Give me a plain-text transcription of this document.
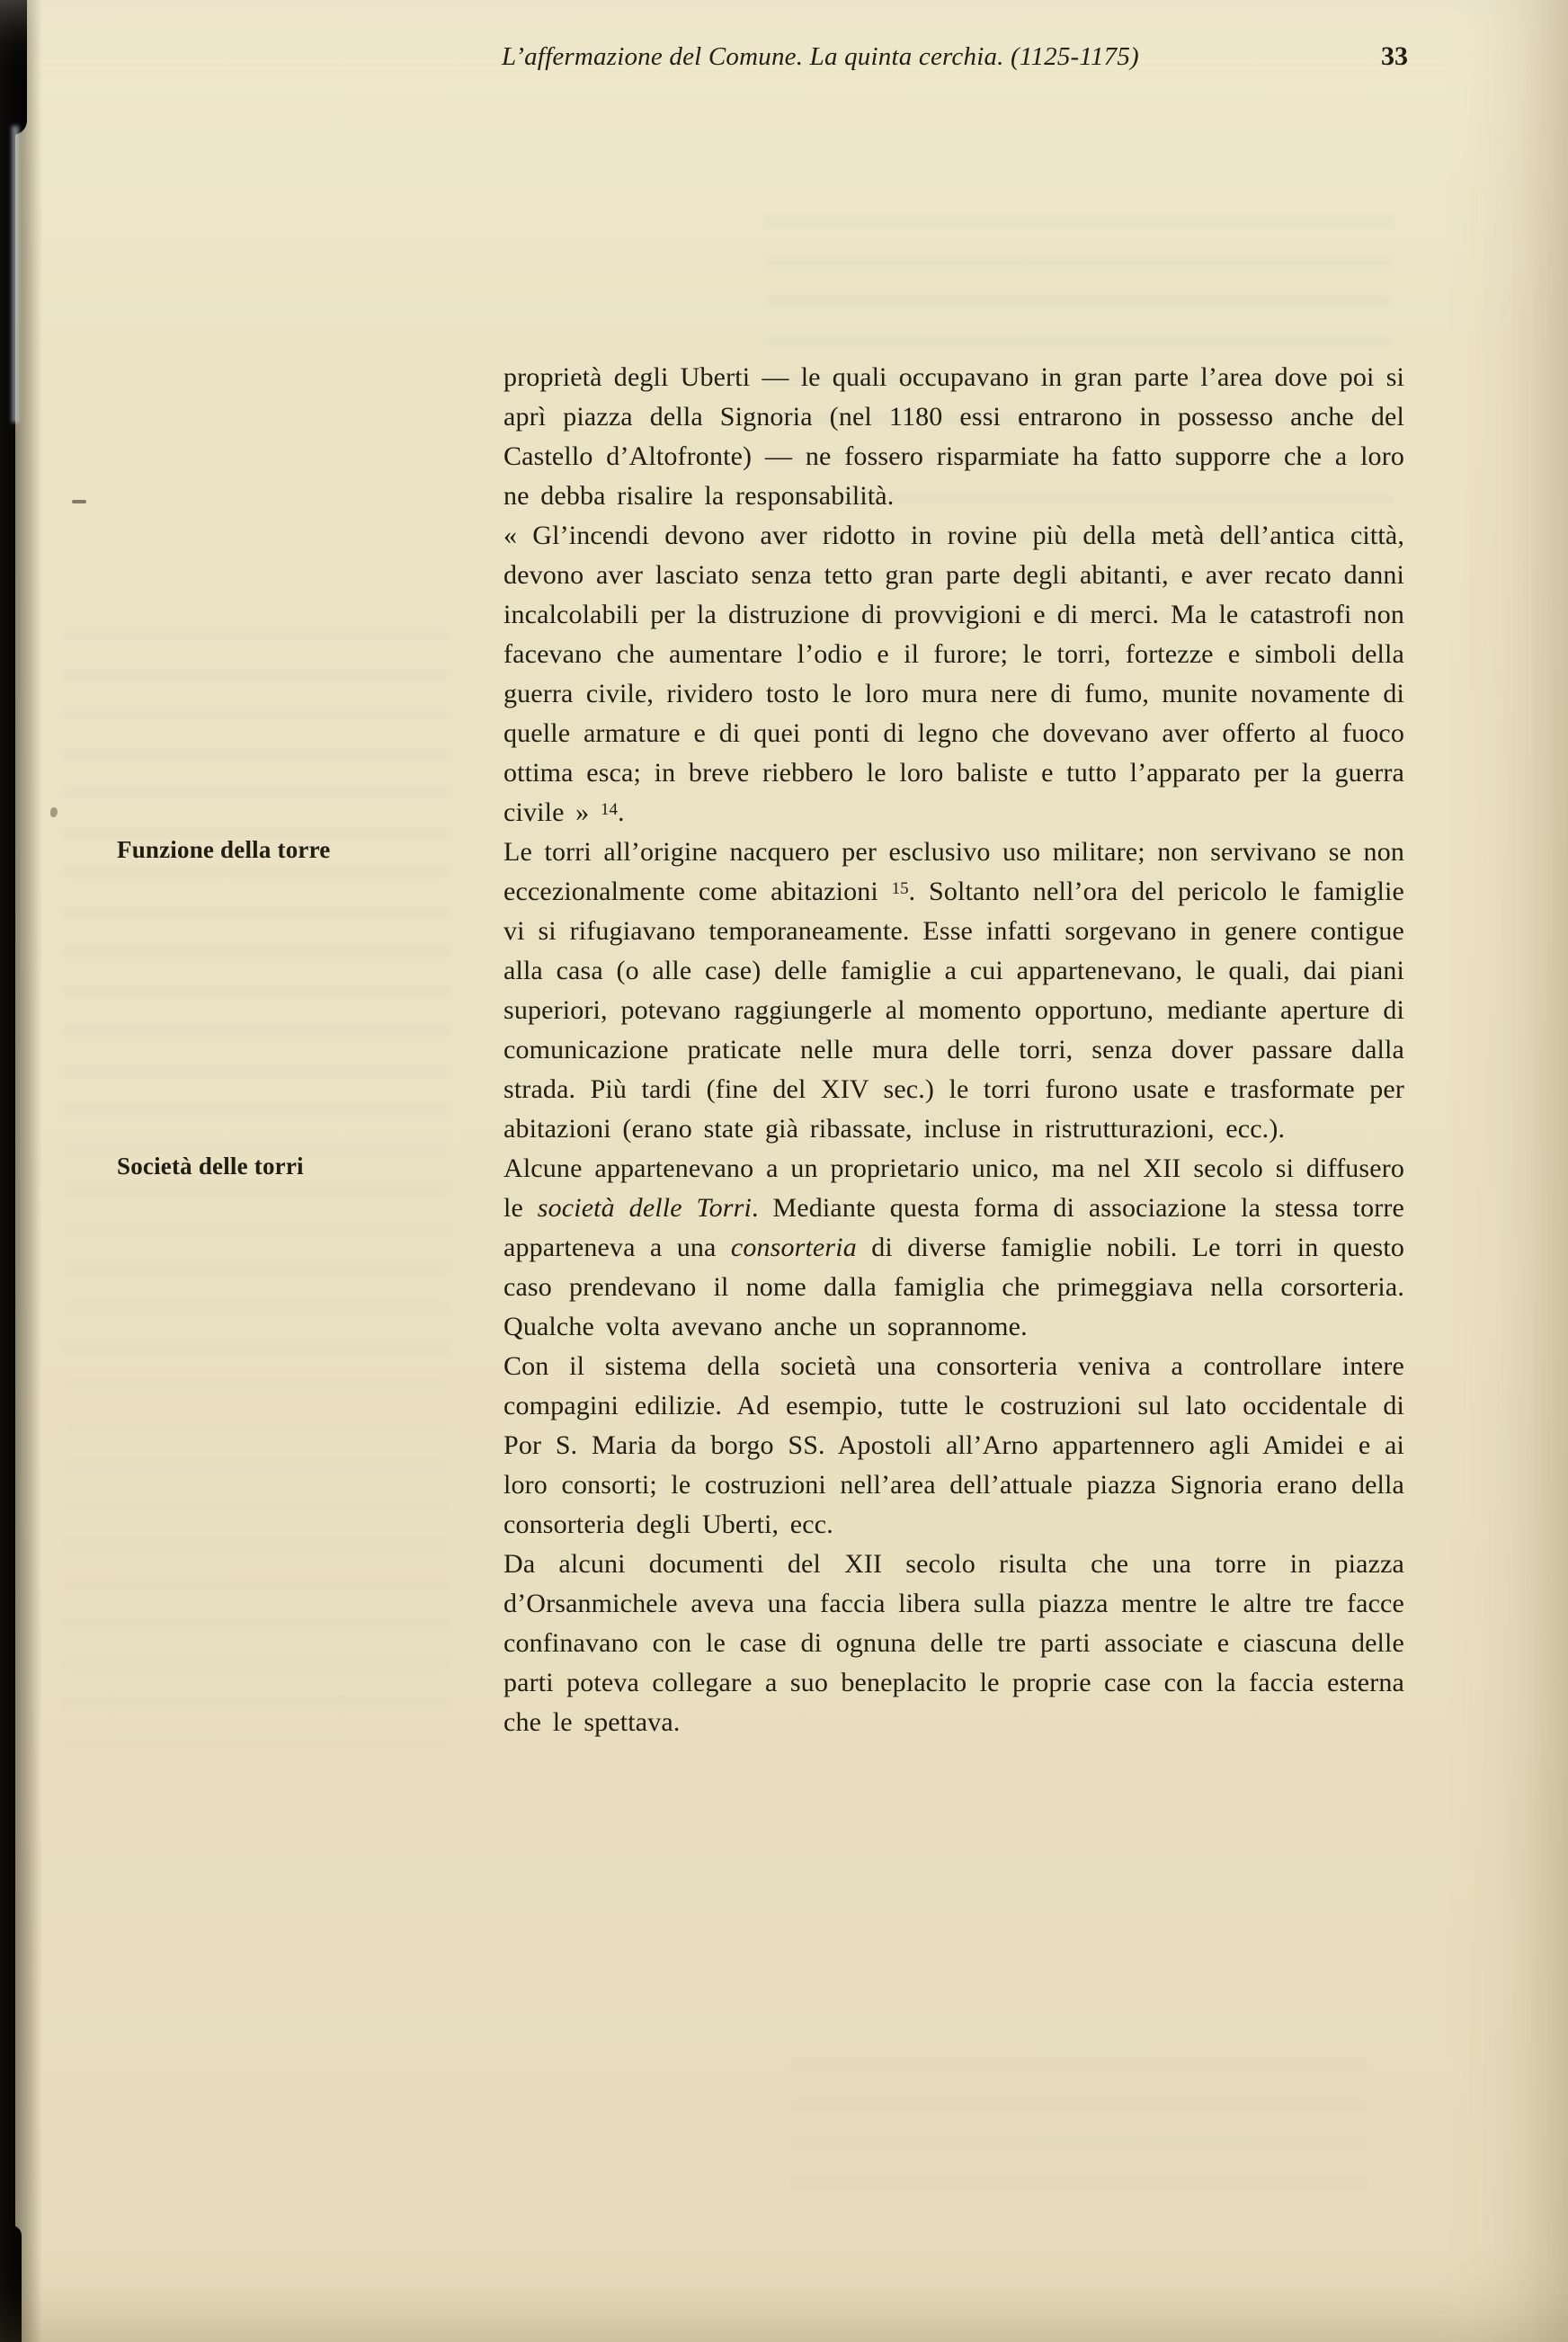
L’affermazione del Comune. La quinta cerchia. (1125-1175)	33

proprietà degli Uberti — le quali occupavano in gran parte l’area dove poi si aprì piazza della Signoria (nel 1180 essi entrarono in possesso anche del Castello d’Altofronte) — ne fossero risparmiate ha fatto supporre che a loro ne debba risalire la responsabilità.

« Gl’incendi devono aver ridotto in rovine più della metà dell’antica città, devono aver lasciato senza tetto gran parte degli abitanti, e aver recato danni incalcolabili per la distruzione di provvigioni e di merci. Ma le catastrofi non facevano che aumentare l’odio e il furore; le torri, fortezze e simboli della guerra civile, rividero tosto le loro mura nere di fumo, munite novamente di quelle armature e di quei ponti di legno che dovevano aver offerto al fuoco ottima esca; in breve riebbero le loro baliste e tutto l’apparato per la guerra civile » $^{14}$.

Funzione della torre	Le torri all’origine nacquero per esclusivo uso militare; non servivano se non eccezionalmente come abitazioni $^{15}$. Soltanto nell’ora del pericolo le famiglie vi si rifugiavano temporaneamente. Esse infatti sorgevano in genere contigue alla casa (o alle case) delle famiglie a cui appartenevano, le quali, dai piani superiori, potevano raggiungerle al momento opportuno, mediante aperture di comunicazione praticate nelle mura delle torri, senza dover passare dalla strada. Più tardi (fine del XIV sec.) le torri furono usate e trasformate per abitazioni (erano state già ribassate, incluse in ristrutturazioni, ecc.).

Società delle torri	Alcune appartenevano a un proprietario unico, ma nel XII secolo si diffusero le società delle Torri. Mediante questa forma di associazione la stessa torre apparteneva a una consorteria di diverse famiglie nobili. Le torri in questo caso prendevano il nome dalla famiglia che primeggiava nella corsorteria. Qualche volta avevano anche un soprannome.

Con il sistema della società una consorteria veniva a controllare intere compagini edilizie. Ad esempio, tutte le costruzioni sul lato occidentale di Por S. Maria da borgo SS. Apostoli all’Arno appartennero agli Amidei e ai loro consorti; le costruzioni nell’area dell’attuale piazza Signoria erano della consorteria degli Uberti, ecc.

Da alcuni documenti del XII secolo risulta che una torre in piazza d’Orsanmichele aveva una faccia libera sulla piazza mentre le altre tre facce confinavano con le case di ognuna delle tre parti associate e ciascuna delle parti poteva collegare a suo beneplacito le proprie case con la faccia esterna che le spettava.
